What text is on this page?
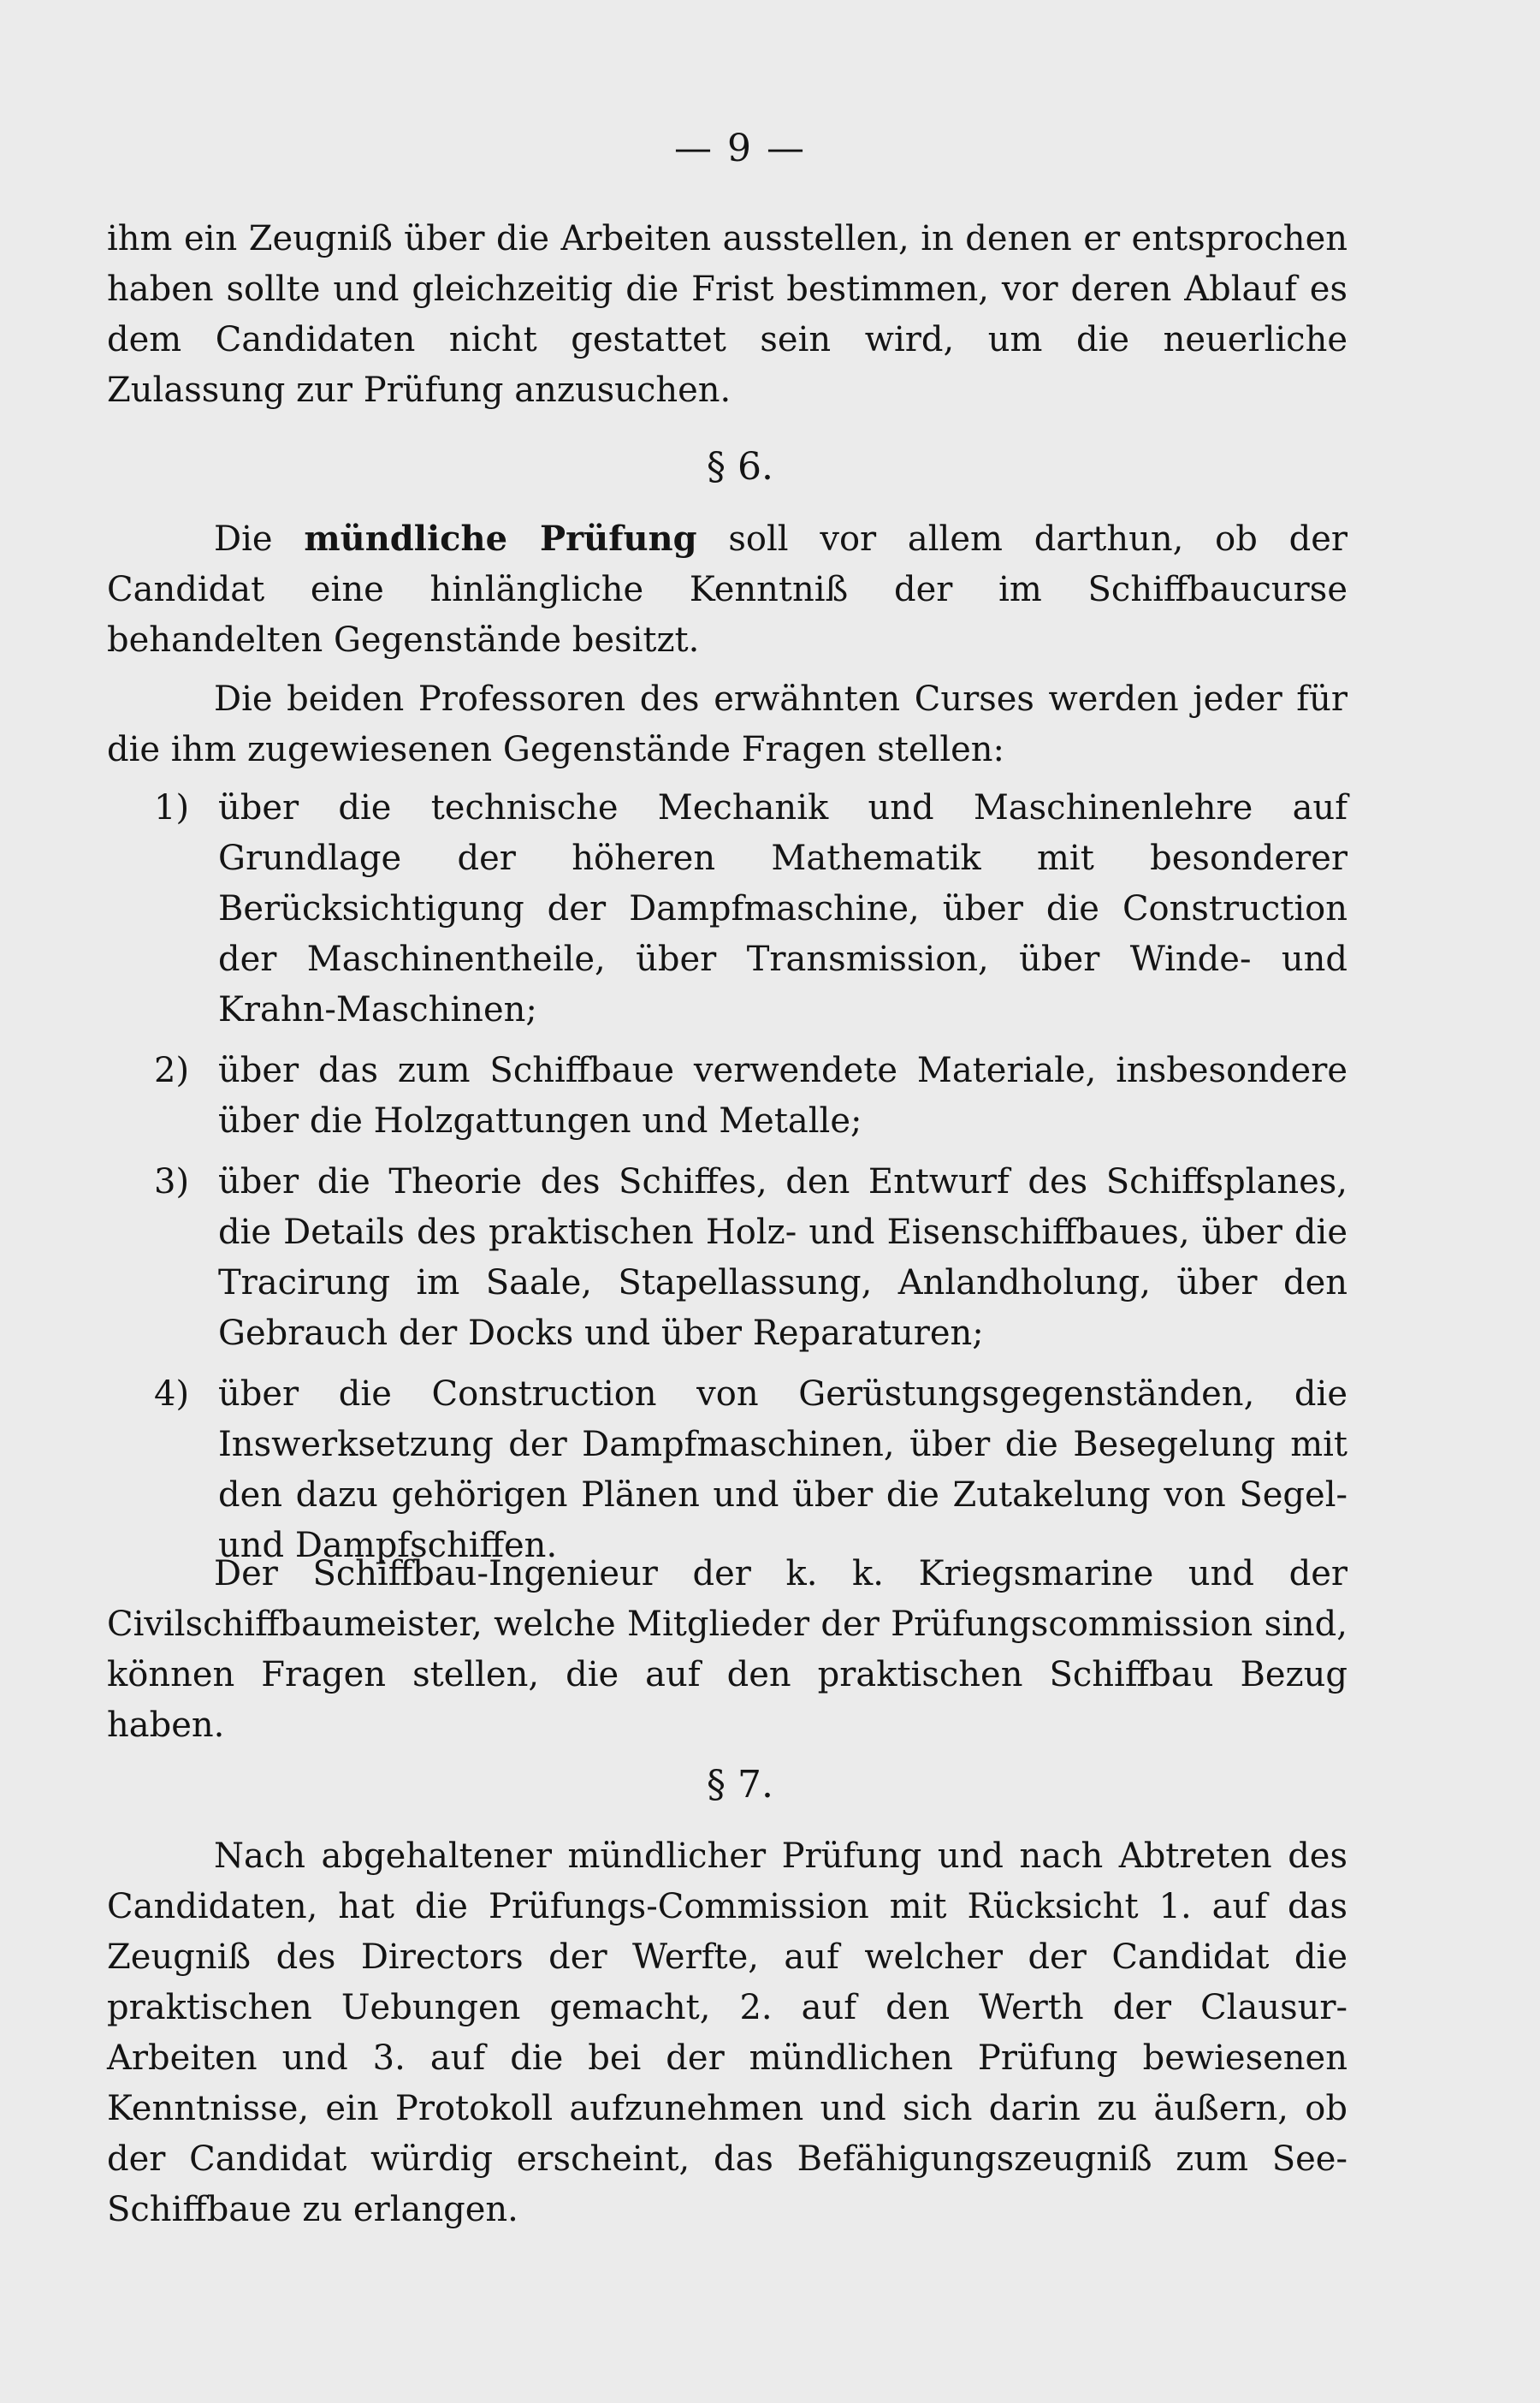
— 9 —

ihm ein Zeugniß über die Arbeiten ausstellen, in denen er entsprochen haben sollte und gleichzeitig die Frist bestimmen, vor deren Ablauf es dem Candidaten nicht gestattet sein wird, um die neuerliche Zulassung zur Prüfung anzusuchen.

§ 6.

Die mündliche Prüfung soll vor allem darthun, ob der Candidat eine hinlängliche Kenntniß der im Schiffbaucurse behandelten Gegenstände besitzt.

Die beiden Professoren des erwähnten Curses werden jeder für die ihm zugewiesenen Gegenstände Fragen stellen:

1) über die technische Mechanik und Maschinenlehre auf Grundlage der höheren Mathematik mit besonderer Berücksichtigung der Dampfmaschine, über die Construction der Maschinentheile, über Transmission, über Winde- und Krahn-Maschinen;
2) über das zum Schiffbaue verwendete Materiale, insbesondere über die Holzgattungen und Metalle;
3) über die Theorie des Schiffes, den Entwurf des Schiffsplanes, die Details des praktischen Holz- und Eisenschiffbaues, über die Tracirung im Saale, Stapellassung, Anlandholung, über den Gebrauch der Docks und über Reparaturen;
4) über die Construction von Gerüstungsgegenständen, die Inswerksetzung der Dampfmaschinen, über die Besegelung mit den dazu gehörigen Plänen und über die Zutakelung von Segel- und Dampfschiffen.

Der Schiffbau-Ingenieur der k. k. Kriegsmarine und der Civilschiffbaumeister, welche Mitglieder der Prüfungscommission sind, können Fragen stellen, die auf den praktischen Schiffbau Bezug haben.

§ 7.

Nach abgehaltener mündlicher Prüfung und nach Abtreten des Candidaten, hat die Prüfungs-Commission mit Rücksicht 1. auf das Zeugniß des Directors der Werfte, auf welcher der Candidat die praktischen Uebungen gemacht, 2. auf den Werth der Clausur-Arbeiten und 3. auf die bei der mündlichen Prüfung bewiesenen Kenntnisse, ein Protokoll aufzunehmen und sich darin zu äußern, ob der Candidat würdig erscheint, das Befähigungszeugniß zum See-Schiffbaue zu erlangen.
